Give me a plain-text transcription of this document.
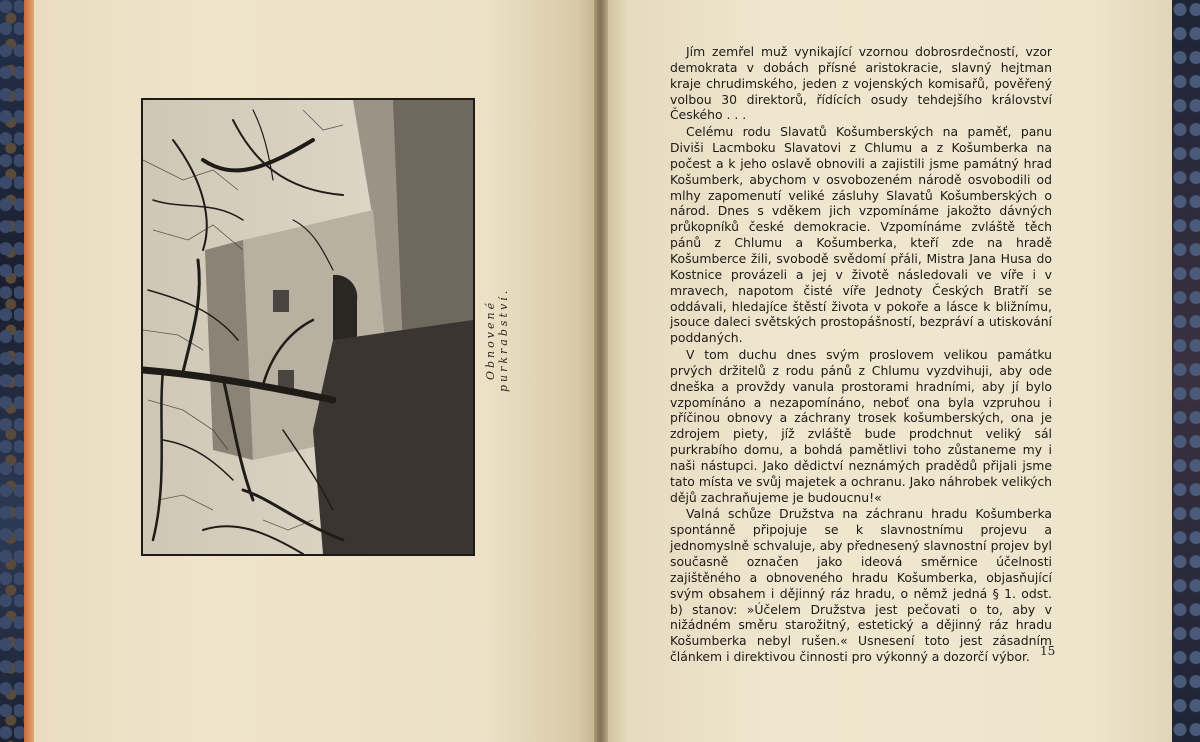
Obnovené purkrabství.

Jím zemřel muž vynikající vzornou dobrosrdečností, vzor demokrata v dobách přísné aristokracie, slavný hejtman kraje chrudimského, jeden z vojenských komisařů, pověřený volbou 30 direktorů, řídících osudy tehdejšího království Českého . . .

Celému rodu Slavatů Košumberských na paměť, panu Diviši Lacmboku Slavatovi z Chlumu a z Košumberka na počest a k jeho oslavě obnovili a zajistili jsme památný hrad Košumberk, abychom v osvobozeném národě osvobodili od mlhy zapomenutí veliké zásluhy Slavatů Košumberských o národ. Dnes s vděkem jich vzpomínáme jakožto dávných průkopníků české demokracie. Vzpomínáme zvláště těch pánů z Chlumu a Košumberka, kteří zde na hradě Košumberce žili, svobodě svědomí přáli, Mistra Jana Husa do Kostnice provázeli a jej v životě následovali ve víře i v mravech, napotom čisté víře Jednoty Českých Bratří se oddávali, hledajíce štěstí života v pokoře a lásce k bližnímu, jsouce daleci světských prostopášností, bezpráví a utiskování poddaných.

V tom duchu dnes svým proslovem velikou památku prvých držitelů z rodu pánů z Chlumu vyzdvihuji, aby ode dneška a provždy vanula prostorami hradními, aby jí bylo vzpomínáno a nezapomínáno, neboť ona byla vzpruhou i příčinou obnovy a záchrany trosek košumberských, ona je zdrojem piety, jíž zvláště bude prodchnut veliký sál purkrabího domu, a bohdá pamětlivi toho zůstaneme my i naši nástupci. Jako dědictví neznámých pradědů přijali jsme tato místa ve svůj majetek a ochranu. Jako náhrobek velikých dějů zachraňujeme je budoucnu!«

Valná schůze Družstva na záchranu hradu Košumberka spontánně připojuje se k slavnostnímu projevu a jednomyslně schvaluje, aby přednesený slavnostní projev byl současně označen jako ideová směrnice účelnosti zajištěného a obnoveného hradu Košumberka, objasňující svým obsahem i dějinný ráz hradu, o němž jedná § 1. odst. b) stanov: »Účelem Družstva jest pečovati o to, aby v nižádném směru starožitný, estetický a dějinný ráz hradu Košumberka nebyl rušen.« Usnesení toto jest zásadním článkem i direktivou činnosti pro výkonný a dozorčí výbor. 15
